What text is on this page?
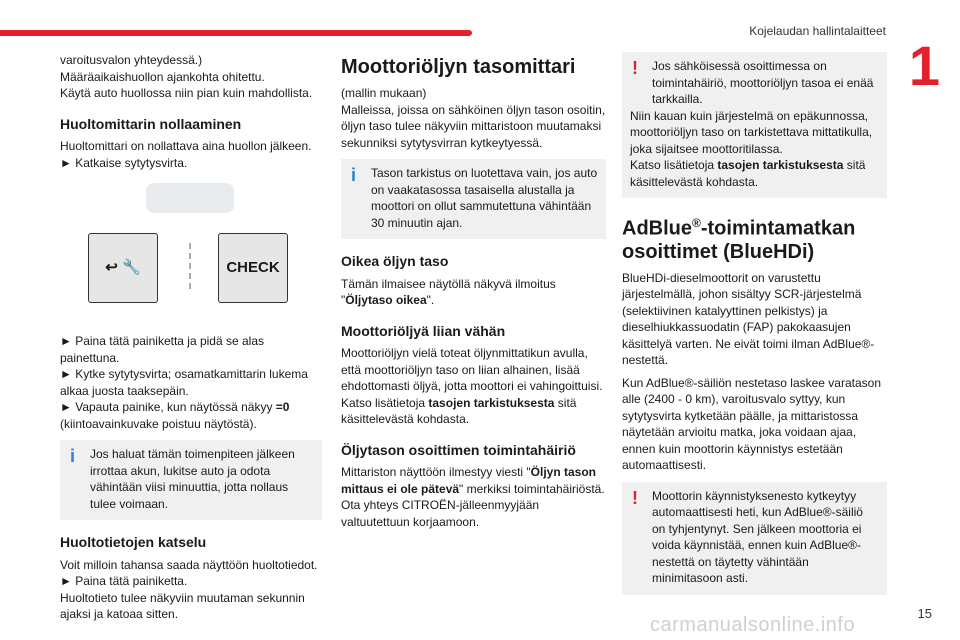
Kojelaudan hallintalaitteet
1
15
carmanualsonline.info

varoitusvalon yhteydessä.)
Määräaikaishuollon ajankohta ohitettu.
Käytä auto huollossa niin pian kuin mahdollista.

Huoltomittarin nollaaminen

Huoltomittari on nollattava aina huollon jälkeen.
► Katkaise sytytysvirta.

↩ 🔧	CHECK

► Paina tätä painiketta ja pidä se alas painettuna.
► Kytke sytytysvirta; osamatkamittarin lukema alkaa juosta taaksepäin.
► Vapauta painike, kun näytössä näkyy =0
(kiintoavainkuvake poistuu näytöstä).

i	Jos haluat tämän toimenpiteen jälkeen irrottaa akun, lukitse auto ja odota vähintään viisi minuuttia, jotta nollaus tulee voimaan.
Huoltotietojen katselu

Voit milloin tahansa saada näyttöön huoltotiedot.
► Paina tätä painiketta.
Huoltotieto tulee näkyviin muutaman sekunnin ajaksi ja katoaa sitten.

Moottoriöljyn tasomittari

(mallin mukaan)
Malleissa, joissa on sähköinen öljyn tason osoitin, öljyn taso tulee näkyviin mittaristoon muutamaksi sekunniksi sytytysvirran kytkeytyessä.

i	Tason tarkistus on luotettava vain, jos auto on vaakatasossa tasaisella alustalla ja moottori on ollut sammutettuna vähintään 30 minuutin ajan.
Oikea öljyn taso

Tämän ilmaisee näytöllä näkyvä ilmoitus "Öljytaso oikea".

Moottoriöljyä liian vähän

Moottoriöljyn vielä toteat öljynmittatikun avulla, että moottoriöljyn taso on liian alhainen, lisää ehdottomasti öljyä, jotta moottori ei vahingoittuisi. Katso lisätietoja tasojen tarkistuksesta sitä käsittelevästä kohdasta.

Öljytason osoittimen toimintahäiriö

Mittariston näyttöön ilmestyy viesti "Öljyn tason mittaus ei ole pätevä" merkiksi toimintahäiriöstä.
Ota yhteys CITROËN-jälleenmyyjään valtuutettuun korjaamoon.

!	Jos sähköisessä osoittimessa on toimintahäiriö, moottoriöljyn tasoa ei enää tarkkailla.
Niin kauan kuin järjestelmä on epäkunnossa, moottoriöljyn taso on tarkistettava mittatikulla, joka sijaitsee moottoritilassa.
Katso lisätietoja tasojen tarkistuksesta sitä käsittelevästä kohdasta.
AdBlue®-toimintamatkan osoittimet (BlueHDi)

BlueHDi-dieselmoottorit on varustettu järjestelmällä, johon sisältyy SCR-järjestelmä (selektiivinen katalyyttinen pelkistys) ja dieselhiukkassuodatin (FAP) pakokaasujen käsittelyä varten. Ne eivät toimi ilman AdBlue®-nestettä.

Kun AdBlue®-säiliön nestetaso laskee varatason alle (2400 - 0 km), varoitusvalo syttyy, kun sytytysvirta kytketään päälle, ja mittaristossa näytetään arvioitu matka, joka voidaan ajaa, ennen kuin moottorin käynnistys estetään automaattisesti.

!	Moottorin käynnistyksenesto kytkeytyy automaattisesti heti, kun AdBlue®-säiliö on tyhjentynyt. Sen jälkeen moottoria ei voida käynnistää, ennen kuin AdBlue®-nestettä on täytetty vähintään minimitasoon asti.
